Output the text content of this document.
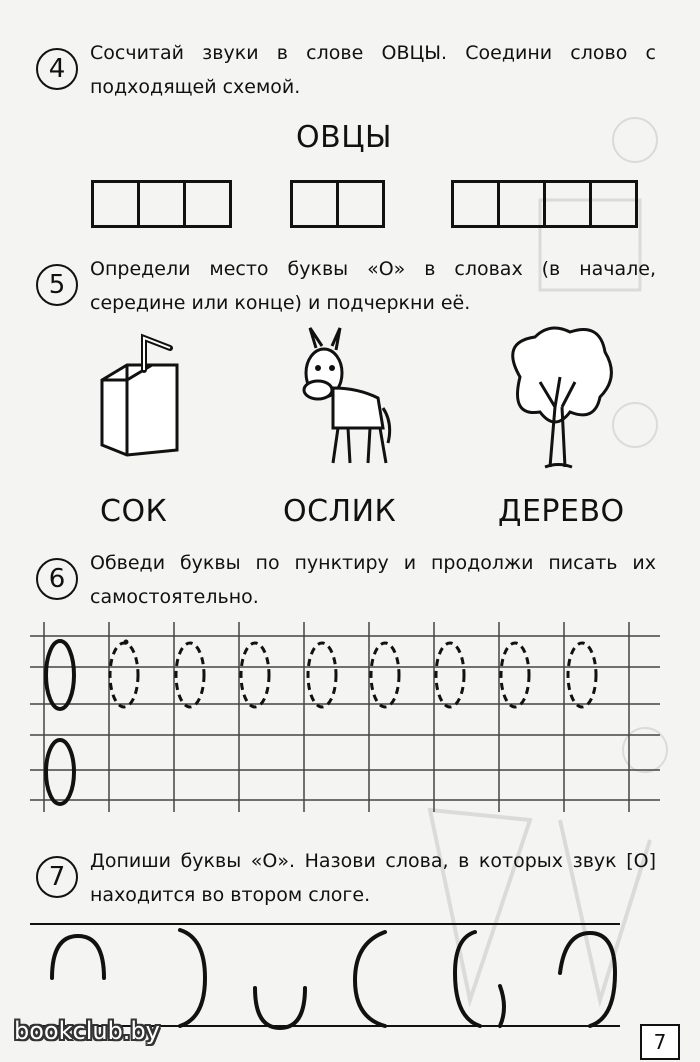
4
Сосчитай звуки в слове ОВЦЫ. Соедини слово с подходящей схемой.
ОВЦЫ
5
Определи место буквы «О» в словах (в начале, середине или конце) и подчеркни её.
СОК	ОСЛИК	ДЕРЕВО
6
Обведи буквы по пунктиру и продолжи писать их самостоятельно.
7
Допиши буквы «О». Назови слова, в которых звук [О] находится во втором слоге.
bookclub.by	7
